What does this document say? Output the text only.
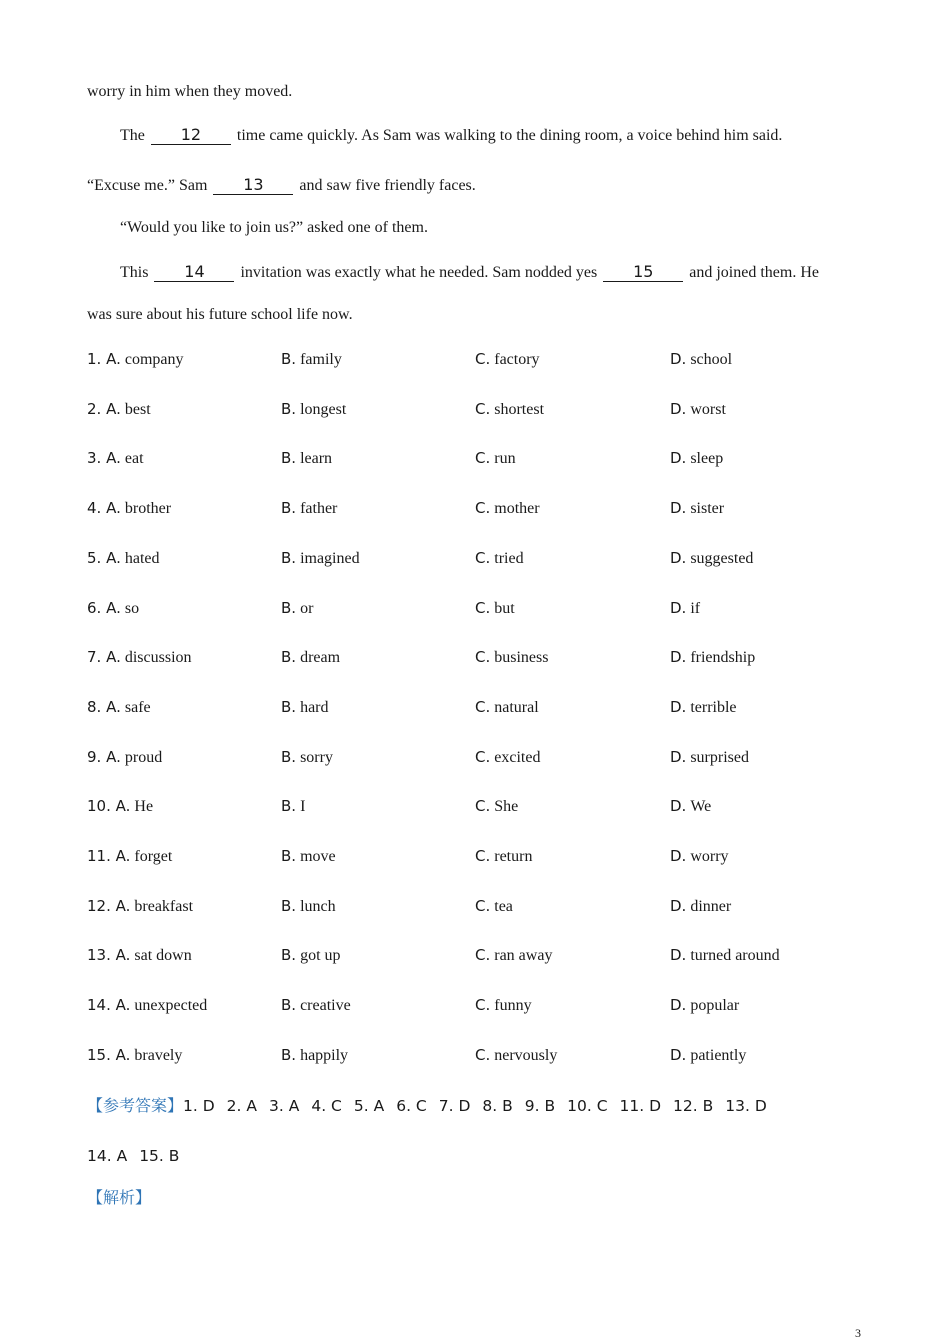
worry in him when they moved.
The 12 time came quickly. As Sam was walking to the dining room, a voice behind him said.
“Excuse me.” Sam 13 and saw five friendly faces.
“Would you like to join us?” asked one of them.
This 14 invitation was exactly what he needed. Sam nodded yes 15 and joined them. He
was sure about his future school life now.
1. A. company	B. family	C. factory	D. school
2. A. best	B. longest	C. shortest	D. worst
3. A. eat	B. learn	C. run	D. sleep
4. A. brother	B. father	C. mother	D. sister
5. A. hated	B. imagined	C. tried	D. suggested
6. A. so	B. or	C. but	D. if
7. A. discussion	B. dream	C. business	D. friendship
8. A. safe	B. hard	C. natural	D. terrible
9. A. proud	B. sorry	C. excited	D. surprised
10. A. He	B. I	C. She	D. We
11. A. forget	B. move	C. return	D. worry
12. A. breakfast	B. lunch	C. tea	D. dinner
13. A. sat down	B. got up	C. ran away	D. turned around
14. A. unexpected	B. creative	C. funny	D. popular
15. A. bravely	B. happily	C. nervously	D. patiently
【参考答案】1. D 2. A 3. A 4. C 5. A 6. C 7. D 8. B 9. B 10. C 11. D 12. B 13. D
14. A 15. B
【解析】
3
